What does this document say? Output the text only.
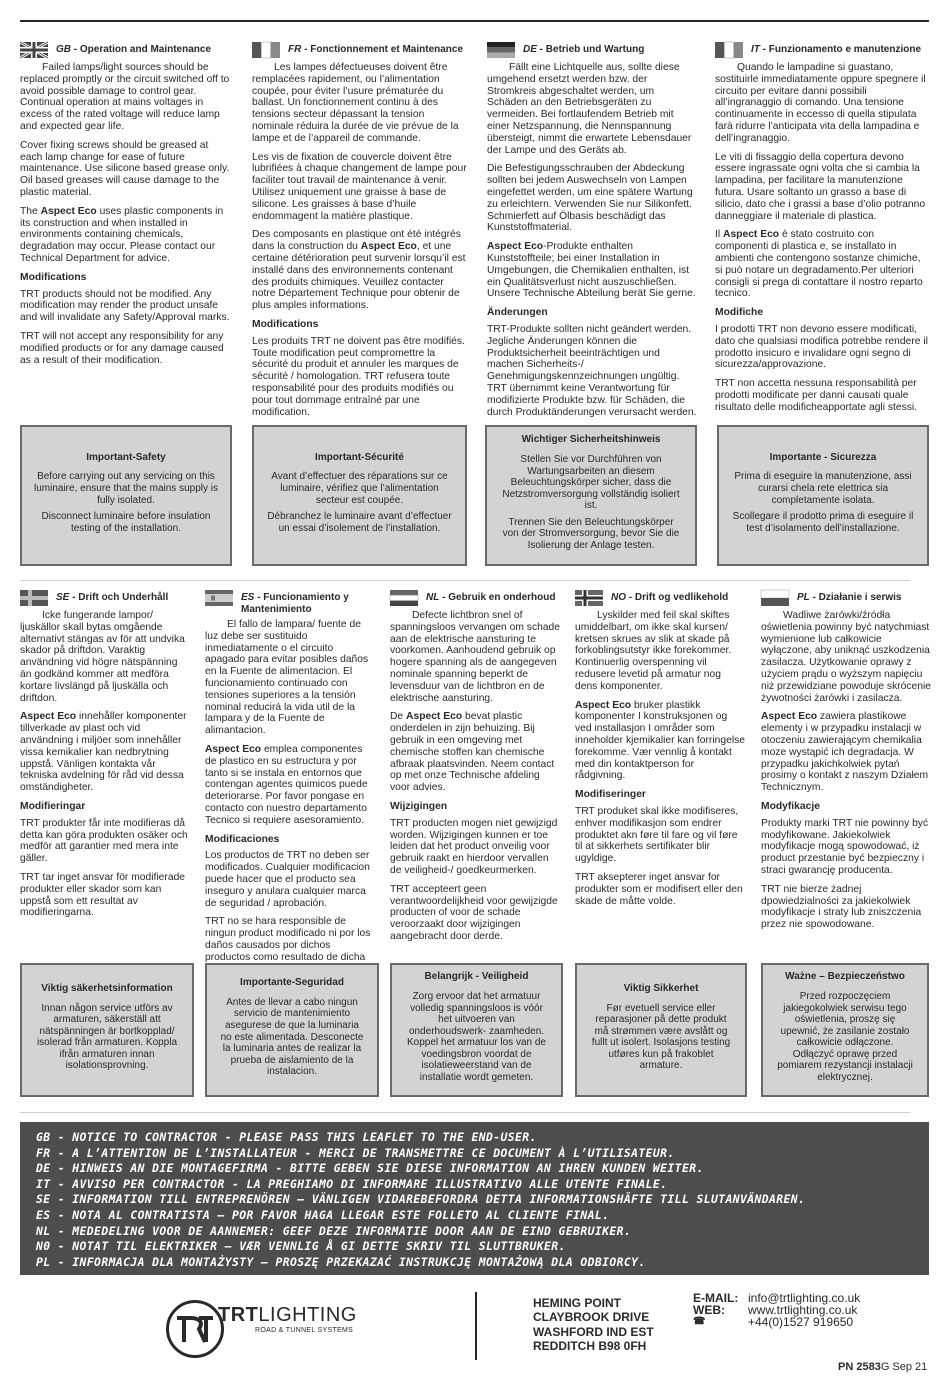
GB - Operation and Maintenance

Failed lamps/light sources should be replaced promptly or the circuit switched off to avoid possible damage to control gear. Continual operation at mains voltages in excess of the rated voltage will reduce lamp and expected gear life.

Cover fixing screws should be greased at each lamp change for ease of future maintenance. Use silicone based grease only. Oil based greases will cause damage to the plastic material.

The Aspect Eco uses plastic components in its construction and when installed in environments containing chemicals, degradation may occur. Please contact our Technical Department for advice.

Modifications

TRT products should not be modified. Any modification may render the product unsafe and will invalidate any Safety/Approval marks.

TRT will not accept any responsibility for any modified products or for any damage caused as a result of their modification.

Important-Safety
Before carrying out any servicing on this luminaire, ensure that the mains supply is fully isolated.
Disconnect luminaire before insulation testing of the installation.
FR - Fonctionnement et Maintenance

Les lampes défectueuses doivent être remplacées rapidement, ou l’alimentation coupée, pour éviter l’usure prématurée du ballast. Un fonctionnement continu à des tensions secteur dépassant la tension nominale réduira la durée de vie prévue de la lampe et de l’appareil de commande.

Les vis de fixation de couvercle doivent être lubrifiées à chaque changement de lampe pour faciliter tout travail de maintenance à venir. Utilisez uniquement une graisse à base de silicone. Les graisses à base d’huile endommagent la matière plastique.

Des composants en plastique ont été intégrés dans la construction du Aspect Eco, et une certaine détérioration peut survenir lorsqu’il est installé dans des environnements contenant des produits chimiques. Veuillez contacter notre Département Technique pour obtenir de plus amples informations.

Modifications

Les produits TRT ne doivent pas être modifiés. Toute modification peut compromettre la sécurité du produit et annuler les marques de sécurité / homologation. TRT refusera toute responsabilité pour des produits modifiés ou pour tout dommage entraîné par une modification.

Important-Sécurité
Avant d’effectuer des réparations sur ce luminaire, vérifiez que l’alimentation secteur est coupée.
Débranchez le luminaire avant d’effectuer un essai d’isolement de l’installation.
DE - Betrieb und Wartung

Fällt eine Lichtquelle aus, sollte diese umgehend ersetzt werden bzw. der Stromkreis abgeschaltet werden, um Schäden an den Betriebsgeräten zu vermeiden. Bei fortlaufendem Betrieb mit einer Netzspannung, die Nennspannung übersteigt, nimmt die erwartete Lebensdauer der Lampe und des Geräts ab.

Die Befestigungsschrauben der Abdeckung sollten bei jedem Auswechseln von Lampen eingefettet werden, um eine spätere Wartung zu erleichtern. Verwenden Sie nur Silikonfett. Schmierfett auf Ölbasis beschädigt das Kunststoffmaterial.

Aspect Eco-Produkte enthalten Kunststoffteile; bei einer Installation in Umgebungen, die Chemikalien enthalten, ist ein Qualitätsverlust nicht auszuschließen. Unsere Technische Abteilung berät Sie gerne.

Änderungen

TRT-Produkte sollten nicht geändert werden. Jegliche Änderungen können die Produktsicherheit beeinträchtigen und machen Sicherheits-/ Genehmigungskennzeichnungen ungültig. TRT übernimmt keine Verantwortung für modifizierte Produkte bzw. für Schäden, die durch Produktänderungen verursacht werden.

Wichtiger Sicherheitshinweis
Stellen Sie vor Durchführen von Wartungsarbeiten an diesem Beleuchtungskörper sicher, dass die Netzstromversorgung vollständig isoliert ist.
Trennen Sie den Beleuchtungskörper von der Stromversorgung, bevor Sie die Isolierung der Anlage testen.
IT - Funzionamento e manutenzione

Quando le lampadine si guastano, sostituirle immediatamente oppure spegnere il circuito per evitare danni possibili all’ingranaggio di comando. Una tensione continuamente in eccesso di quella stipulata farà ridurre l’anticipata vita della lampadina e dell’ingranaggio.

Le viti di fissaggio della copertura devono essere ingrassate ogni volta che si cambia la lampadina, per facilitare la manutenzione futura. Usare soltanto un grasso a base di silicio, dato che i grassi a base d’olio potranno danneggiare il materiale di plastica.

Il Aspect Eco è stato costruito con componenti di plastica e, se installato in ambienti che contengono sostanze chimiche, si può notare un degradamento.Per ulteriori consigli si prega di contattare il nostro reparto tecnico.

Modifiche

I prodotti TRT non devono essere modificati, dato che qualsiasi modifica potrebbe rendere il prodotto insicuro e invalidare ogni segno di sicurezza/approvazione.

TRT non accetta nessuna responsabilità per prodotti modificate per danni causati quale risultato delle modificheapportate agli stessi.

Importante - Sicurezza
Prima di eseguire la manutenzione, assi curarsi chela rete elettrica sia completamente isolata.
Scollegare il prodotto prima di eseguire il test d’isolamento dell’installazione.
SE - Drift och Underhåll

Icke fungerande lampor/ ljuskällor skall bytas omgående alternativt stängas av för att undvika skador på driftdon. Varaktig användning vid högre nätspänning än godkänd kommer att medföra kortare livslängd på ljuskälla och driftdon.

Aspect Eco innehåller komponenter tillverkade av plast och vid användning i miljöer som innehåller vissa kemikalier kan nedbrytning uppstå. Vänligen kontakta vår tekniska avdelning för råd vid dessa omständigheter.

Modifieringar

TRT produkter får inte modifieras då detta kan göra produkten osäker och medför att garantier med mera inte gäller.

TRT tar inget ansvar för modifierade produkter eller skador som kan uppstå som ett resultat av modifieringarna.

Viktig säkerhetsinformation
Innan någon service utförs av armaturen, säkerställ att nätspänningen är bortkopplad/ isolerad från armaturen. Koppla ifrån armaturen innan isolationsprovning.
ES - Funcionamiento y Mantenimiento

El fallo de lampara/ fuente de luz debe ser sustituido inmediatamente o el circuito apagado para evitar posibles daños en la Fuente de alimentacion. El funcionamiento continuado con tensiones superiores a la tensión nominal reducirá la vida util de la lampara y de la Fuente de alimantacion.

Aspect Eco emplea componentes de plastico en su estructura y por tanto si se instala en entornos que contengan agentes quimicos puede deteriorarse. Por favor pongase en contacto con nuestro departamento Tecnico si requiere asesoramiento.

Modificaciones

Los productos de TRT no deben ser modificados. Cualquier modificacion puede hacer que el producto sea inseguro y anulara cualquier marca de seguridad / aprobación.

TRT no se hara responsible de ningun product modificado ni por los daños causados por dichos productos como resultado de dicha

Importante-Seguridad
Antes de llevar a cabo ningun servicio de mantenimiento asegurese de que la luminaria no este alimentada. Desconecte la luminaria antes de realizar la prueba de aislamiento de la instalacion.
NL - Gebruik en onderhoud

Defecte lichtbron snel of spanningsloos vervangen om schade aan de elektrische aansturing te voorkomen. Aanhoudend gebruik op hogere spanning als de aangegeven nominale spanning beperkt de levensduur van de lichtbron en de elektrische aansturing.

De Aspect Eco bevat plastic onderdelen in zijn behuizing. Bij gebruik in een omgeving met chemische stoffen kan chemische afbraak plaatsvinden. Neem contact op met onze Technische afdeling voor advies.

Wijzigingen

TRT producten mogen niet gewijzigd worden. Wijzigingen kunnen er toe leiden dat het product onveilig voor gebruik raakt en hierdoor vervallen de veiligheid-/ goedkeurmerken.

TRT accepteert geen verantwoordelijkheid voor gewijzigde producten of voor de schade veroorzaakt door wijzigingen aangebracht door derde.

Belangrijk - Veiligheid
Zorg ervoor dat het armatuur volledig spanningsloos is vóór het uitvoeren van onderhoudswerk- zaamheden. Koppel het armatuur los van de voedingsbron voordat de isolatieweerstand van de installatie wordt gemeten.
NO - Drift og vedlikehold

Lyskilder med feil skal skiftes umiddelbart, om ikke skal kursen/ kretsen skrues av slik at skade på forkoblingsutstyr ikke forekommer. Kontinuerlig overspenning vil redusere levetid på armatur nog dens komponenter.

Aspect Eco bruker plastikk komponenter I konstruksjonen og ved installasjon I områder som inneholder kjemikalier kan forringelse forekomme. Vær vennlig å kontakt med din kontaktperson for rådgivning.

Modifiseringer

TRT produket skal ikke modifiseres, enhver modifikasjon som endrer produktet akn føre til fare og vil føre til at sikkerhets sertifikater blir ugyldige.

TRT aksepterer inget ansvar for produkter som er modifisert eller den skade de måtte volde.

Viktig Sikkerhet
Før evetuell service eller reparasjoner på dette produkt må strømmen være avslått og fullt ut isolert. Isolasjons testing utføres kun på frakoblet armature.
PL - Działanie i serwis

Wadliwe żarówki/źródła oświetlenia powinny być natychmiast wymienione lub całkowicie wyłączone, aby uniknąć uszkodzenia zasilacza. Użytkowanie oprawy z użyciem prądu o wyższym napięciu niż przewidziane powoduje skrócenie żywotności żarówki i zasilacza.

Aspect Eco zawiera plastikowe elementy i w przypadku instalacji w otoczeniu zawierającym chemikalia moze wystąpić ich degradacja. W przypadku jakichkolwiek pytań prosimy o kontakt z naszym Działem Technicznym.

Modyfikacje

Produkty marki TRT nie powinny być modyfikowane. Jakiekolwiek modyfikacje mogą spowodować, iż product przestanie być bezpieczny i straci gwarancję producenta.

TRT nie bierze żadnej dpowiedzialności za jakiekolwiek modyfikacje i straty lub zniszczenia przez nie spowodowane.

Ważne – Bezpieczeństwo
Przed rozpoczęciem jakiegokolwiek serwisu tego oświetlenia, proszę się upewnić, że zasilanie zostało całkowicie odłączone. Odłączyć oprawę przed pomiarem rezystancji instalacji elektrycznej.
GB - NOTICE TO CONTRACTOR - PLEASE PASS THIS LEAFLET TO THE END-USER.
FR - A L’ATTENTION DE L’INSTALLATEUR - MERCI DE TRANSMETTRE CE DOCUMENT À L’UTILISATEUR.
DE - HINWEIS AN DIE MONTAGEFIRMA - BITTE GEBEN SIE DIESE INFORMATION AN IHREN KUNDEN WEITER.
IT - AVVISO PER CONTRACTOR - LA PREGHIAMO DI INFORMARE ILLUSTRATIVO ALLE UTENTE FINALE.
SE - INFORMATION TILL ENTREPRENÖREN – VÄNLIGEN VIDAREBEFORDRA DETTA INFORMATIONSHÄFTE TILL SLUTANVÄNDAREN.
ES - NOTA AL CONTRATISTA – POR FAVOR HAGA LLEGAR ESTE FOLLETO AL CLIENTE FINAL.
NL - MEDEDELING VOOR DE AANNEMER: GEEF DEZE INFORMATIE DOOR AAN DE EIND GEBRUIKER.
N0 - NOTAT TIL ELEKTRIKER – VÆR VENNLIG Å GI DETTE SKRIV TIL SLUTTBRUKER.
PL - INFORMACJA DLA MONTAŻYSTY – PROSZĘ PRZEKAZAĆ INSTRUKCJĘ MONTAŻOWĄ DLA ODBIORCY.
TRTLIGHTING
ROAD & TUNNEL SYSTEMS
HEMING POINT
CLAYBROOK DRIVE
WASHFORD IND EST
REDDITCH B98 0FH
E-MAIL: info@trtlighting.co.uk
WEB:	www.trtlighting.co.uk
☎	+44(0)1527 919650
PN 2583G Sep 21
